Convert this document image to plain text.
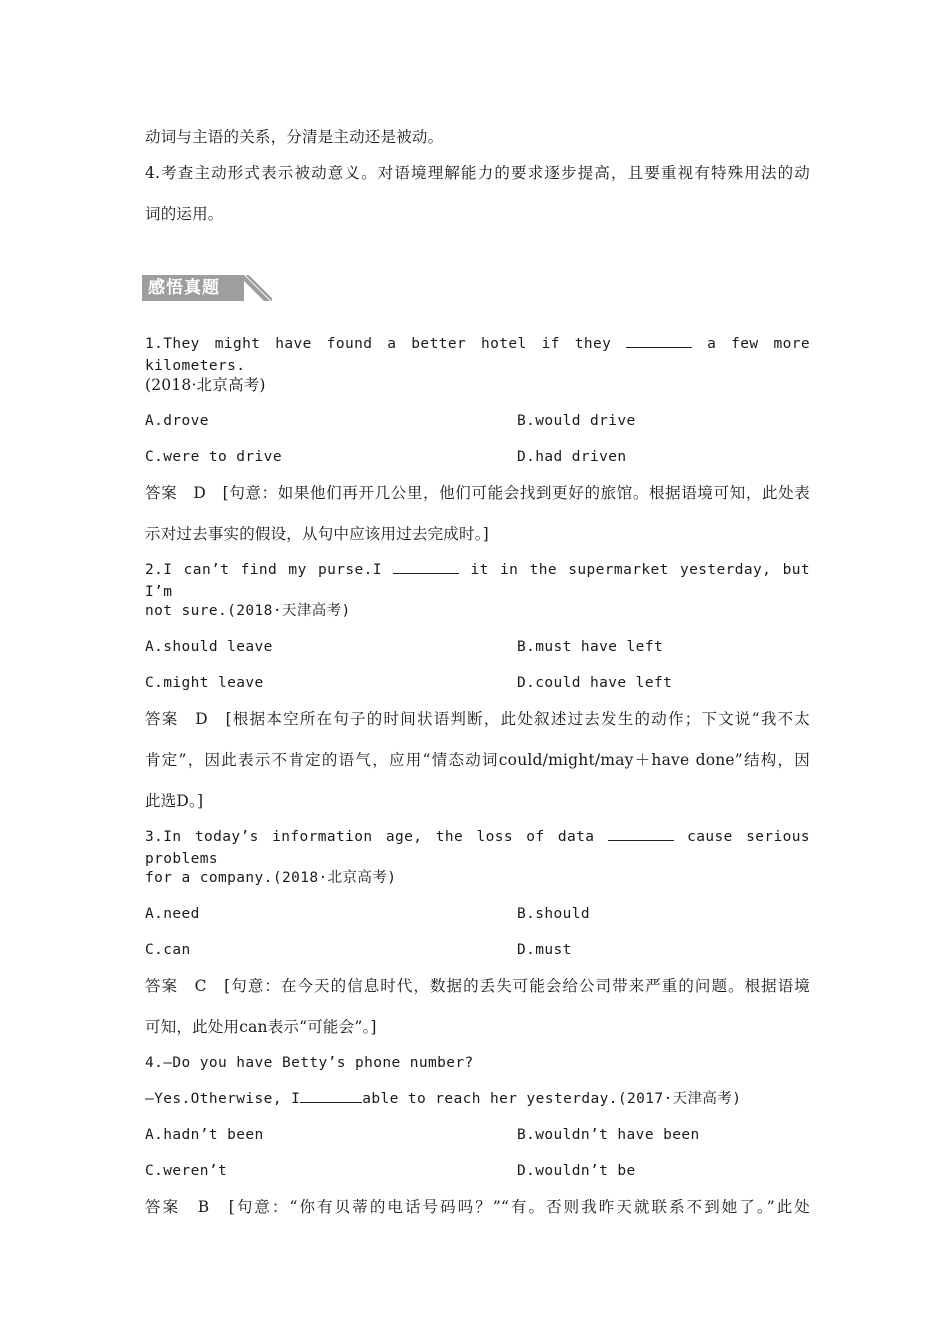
动词与主语的关系，分清是主动还是被动。
4.考查主动形式表示被动意义。对语境理解能力的要求逐步提高，且要重视有特殊用法的动
词的运用。
感悟真题
1.They might have found a better hotel if they	a few more kilometers.
(2018·北京高考)
A.drove	B.would drive
C.were to drive	D.had driven
答案　D　[句意：如果他们再开几公里，他们可能会找到更好的旅馆。根据语境可知，此处表
示对过去事实的假设，从句中应该用过去完成时。]
2.I can’t find my purse.I	it in the supermarket yesterday, but I’m
not sure.(2018·天津高考)
A.should leave	B.must have left
C.might leave	D.could have left
答案　D　[根据本空所在句子的时间状语判断，此处叙述过去发生的动作；下文说“我不太
肯定”，因此表示不肯定的语气，应用“情态动词could/might/may＋have done”结构，因
此选D。]
3.In today’s information age, the loss of data	cause serious problems
for a company.(2018·北京高考)
A.need	B.should
C.can	D.must
答案　C　[句意：在今天的信息时代，数据的丢失可能会给公司带来严重的问题。根据语境
可知，此处用can表示“可能会”。]
4.—Do you have Betty’s phone number?
—Yes.Otherwise, I	able to reach her yesterday.(2017·天津高考)
A.hadn’t been	B.wouldn’t have been
C.weren’t	D.wouldn’t be
答案　B　[句意：“你有贝蒂的电话号码吗？”“有。否则我昨天就联系不到她了。”此处
